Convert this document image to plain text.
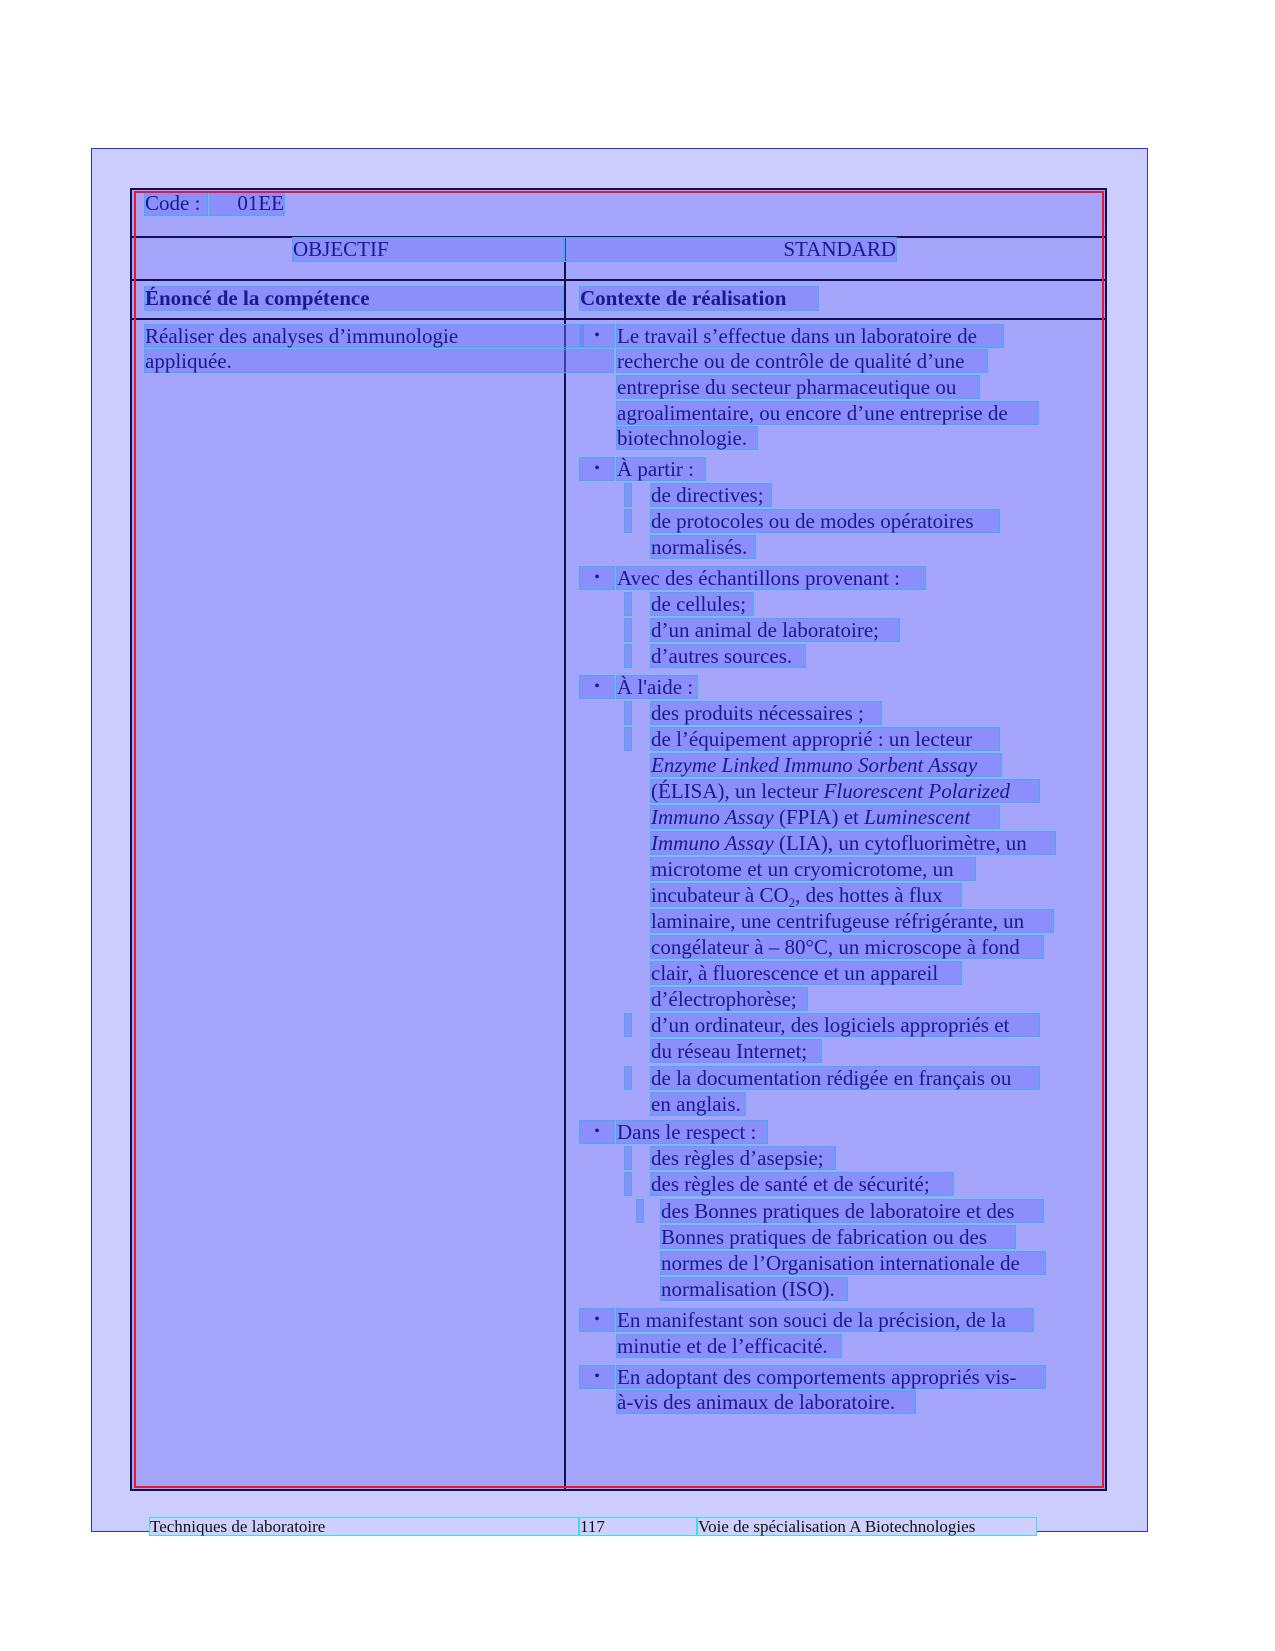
Code :	01EE
OBJECTIF	STANDARD
Énoncé de la compétence	Contexte de réalisation
Réaliser des analyses d’immunologie
appliquée.
• Le travail s’effectue dans un laboratoire de
recherche ou de contrôle de qualité d’une
entreprise du secteur pharmaceutique ou
agroalimentaire, ou encore d’une entreprise de
biotechnologie.
• À partir :
de directives;
de protocoles ou de modes opératoires
normalisés.
• Avec des échantillons provenant :
de cellules;
d’un animal de laboratoire;
d’autres sources.
• À l'aide :
des produits nécessaires ;
de l’équipement approprié : un lecteur
Enzyme Linked Immuno Sorbent Assay
(ÉLISA), un lecteur Fluorescent Polarized
Immuno Assay (FPIA) et Luminescent
Immuno Assay (LIA), un cytofluorimètre, un
microtome et un cryomicrotome, un
incubateur à $CO_2$, des hottes à flux
laminaire, une centrifugeuse réfrigérante, un
congélateur à – 80°C, un microscope à fond
clair, à fluorescence et un appareil
d’électrophorèse;
d’un ordinateur, des logiciels appropriés et
du réseau Internet;
de la documentation rédigée en français ou
en anglais.
• Dans le respect :
des règles d’asepsie;
des règles de santé et de sécurité;
des Bonnes pratiques de laboratoire et des
Bonnes pratiques de fabrication ou des
normes de l’Organisation internationale de
normalisation (ISO).
• En manifestant son souci de la précision, de la
minutie et de l’efficacité.
• En adoptant des comportements appropriés vis-
à-vis des animaux de laboratoire.
Techniques de laboratoire	117	Voie de spécialisation A Biotechnologies
